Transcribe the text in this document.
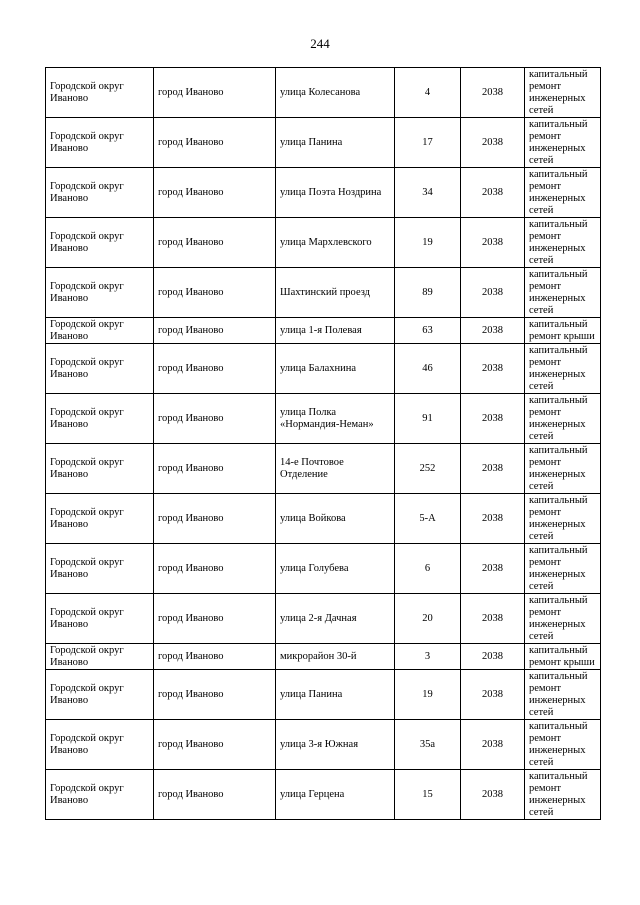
244
Городской округ Иваново	город Иваново	улица Колесанова	4	2038	капитальный ремонт инженерных сетей
Городской округ Иваново	город Иваново	улица Панина	17	2038	капитальный ремонт инженерных сетей
Городской округ Иваново	город Иваново	улица Поэта Ноздрина	34	2038	капитальный ремонт инженерных сетей
Городской округ Иваново	город Иваново	улица Мархлевского	19	2038	капитальный ремонт инженерных сетей
Городской округ Иваново	город Иваново	Шахтинский проезд	89	2038	капитальный ремонт инженерных сетей
Городской округ Иваново	город Иваново	улица 1-я Полевая	63	2038	капитальный ремонт крыши
Городской округ Иваново	город Иваново	улица Балахнина	46	2038	капитальный ремонт инженерных сетей
Городской округ Иваново	город Иваново	улица Полка «Нормандия-Неман»	91	2038	капитальный ремонт инженерных сетей
Городской округ Иваново	город Иваново	14-е Почтовое Отделение	252	2038	капитальный ремонт инженерных сетей
Городской округ Иваново	город Иваново	улица Войкова	5-А	2038	капитальный ремонт инженерных сетей
Городской округ Иваново	город Иваново	улица Голубева	6	2038	капитальный ремонт инженерных сетей
Городской округ Иваново	город Иваново	улица 2-я Дачная	20	2038	капитальный ремонт инженерных сетей
Городской округ Иваново	город Иваново	микрорайон 30-й	3	2038	капитальный ремонт крыши
Городской округ Иваново	город Иваново	улица Панина	19	2038	капитальный ремонт инженерных сетей
Городской округ Иваново	город Иваново	улица 3-я Южная	35а	2038	капитальный ремонт инженерных сетей
Городской округ Иваново	город Иваново	улица Герцена	15	2038	капитальный ремонт инженерных сетей
